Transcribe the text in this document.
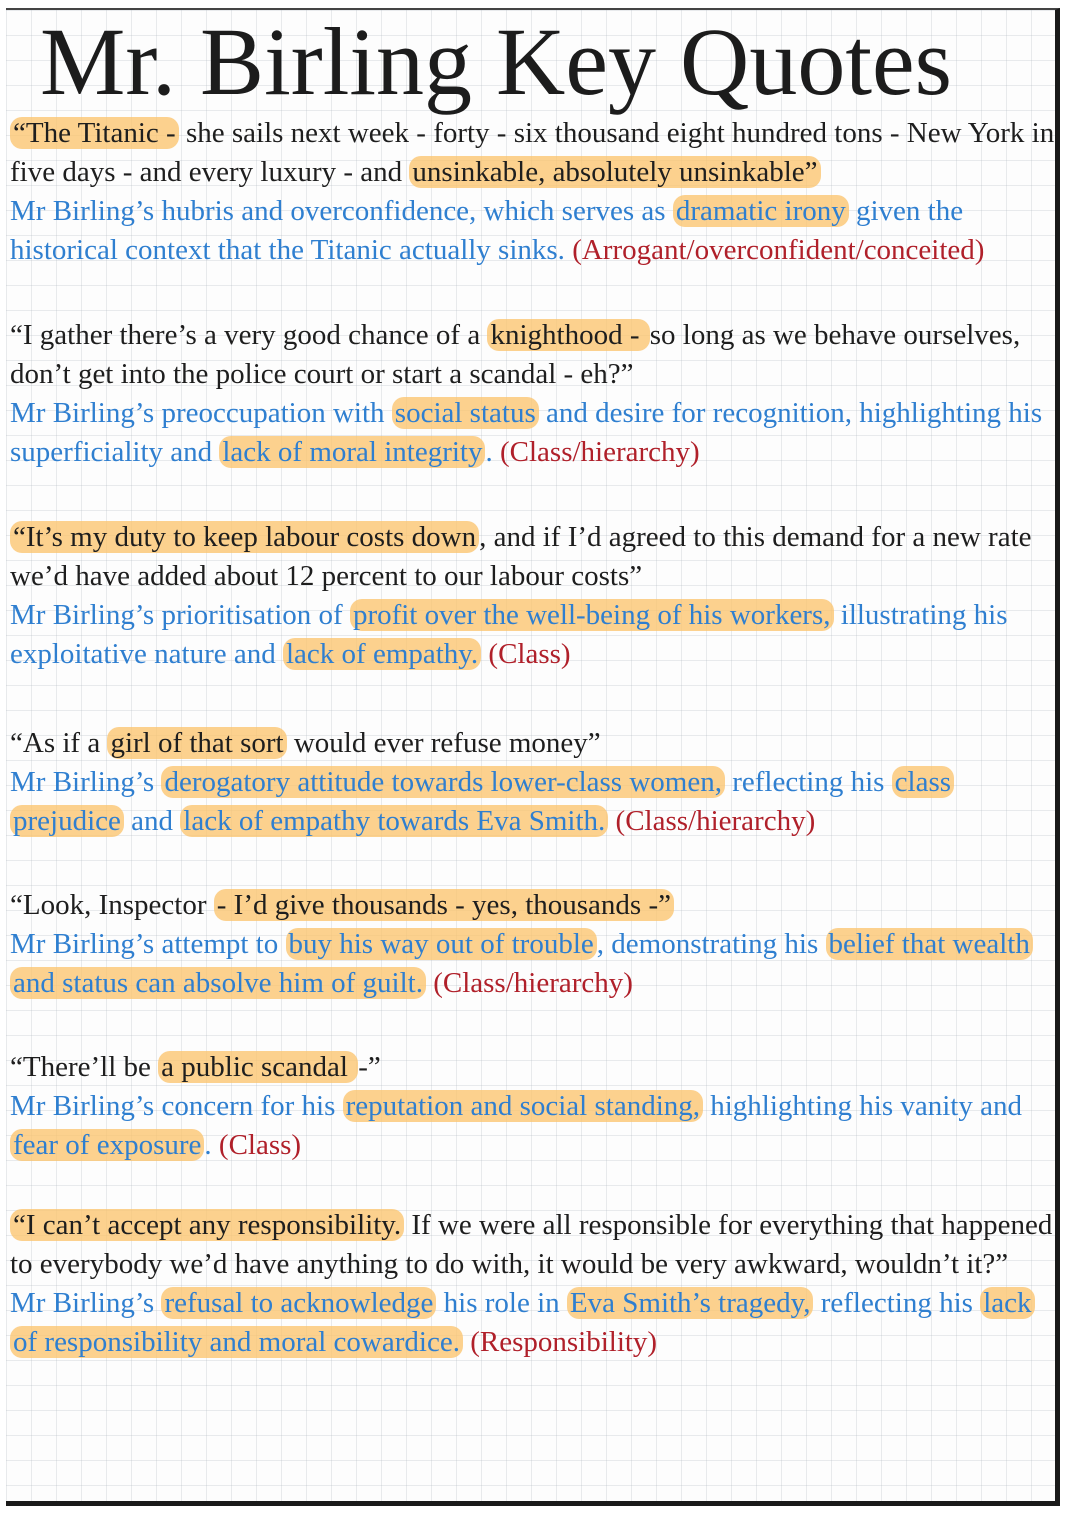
Mr. Birling Key Quotes

“The Titanic - she sails next week - forty - six thousand eight hundred tons - New York in five days - and every luxury - and unsinkable, absolutely unsinkable”

Mr Birling’s hubris and overconfidence, which serves as dramatic irony given the historical context that the Titanic actually sinks. (Arrogant/overconfident/conceited)

“I gather there’s a very good chance of a knighthood - so long as we behave ourselves, don’t get into the police court or start a scandal - eh?”

Mr Birling’s preoccupation with social status and desire for recognition, highlighting his superficiality and lack of moral integrity . (Class/hierarchy)

“It’s my duty to keep labour costs down , and if I’d agreed to this demand for a new rate we’d have added about 12 percent to our labour costs”

Mr Birling’s prioritisation of profit over the well-being of his workers, illustrating his exploitative nature and lack of empathy. (Class)

“As if a girl of that sort would ever refuse money”

Mr Birling’s derogatory attitude towards lower-class women, reflecting his class prejudice and lack of empathy towards Eva Smith. (Class/hierarchy)

“Look, Inspector - I’d give thousands - yes, thousands -”

Mr Birling’s attempt to buy his way out of trouble , demonstrating his belief that wealth and status can absolve him of guilt. (Class/hierarchy)

“There’ll be a public scandal -”

Mr Birling’s concern for his reputation and social standing, highlighting his vanity and fear of exposure . (Class)

“I can’t accept any responsibility. If we were all responsible for everything that happened to everybody we’d have anything to do with, it would be very awkward, wouldn’t it?”

Mr Birling’s refusal to acknowledge his role in Eva Smith’s tragedy, reflecting his lack of responsibility and moral cowardice. (Responsibility)
